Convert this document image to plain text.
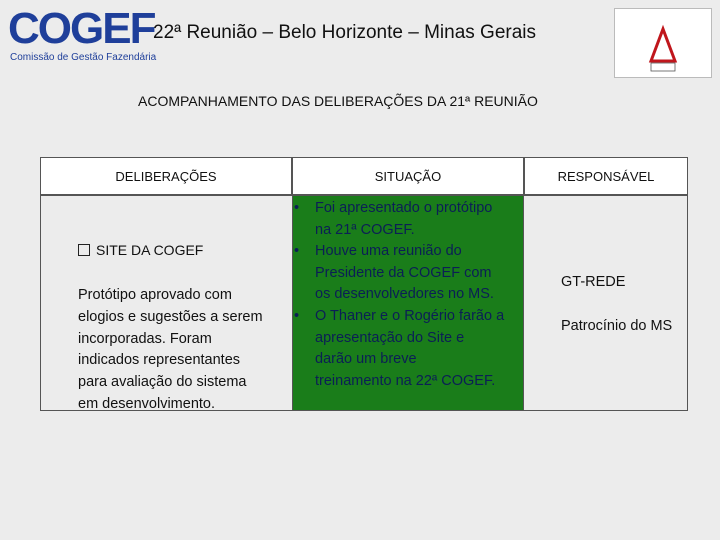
COGEF
Comissão de Gestão Fazendária
22ª Reunião – Belo Horizonte – Minas Gerais
ACOMPANHAMENTO DAS DELIBERAÇÕES DA 21ª REUNIÃO
DELIBERAÇÕES	SITUAÇÃO	RESPONSÁVEL
SITE DA COGEF
Protótipo aprovado com
elogios e sugestões a serem
incorporadas. Foram
indicados representantes
para avaliação do sistema
em desenvolvimento.
• Foi apresentado o protótipo
na 21ª COGEF.
• Houve uma reunião do
Presidente da COGEF com
os desenvolvedores no MS.
• O Thaner e o Rogério farão a
apresentação do Site e
darão um breve
treinamento na 22ª COGEF.
GT-REDE
Patrocínio do MS
